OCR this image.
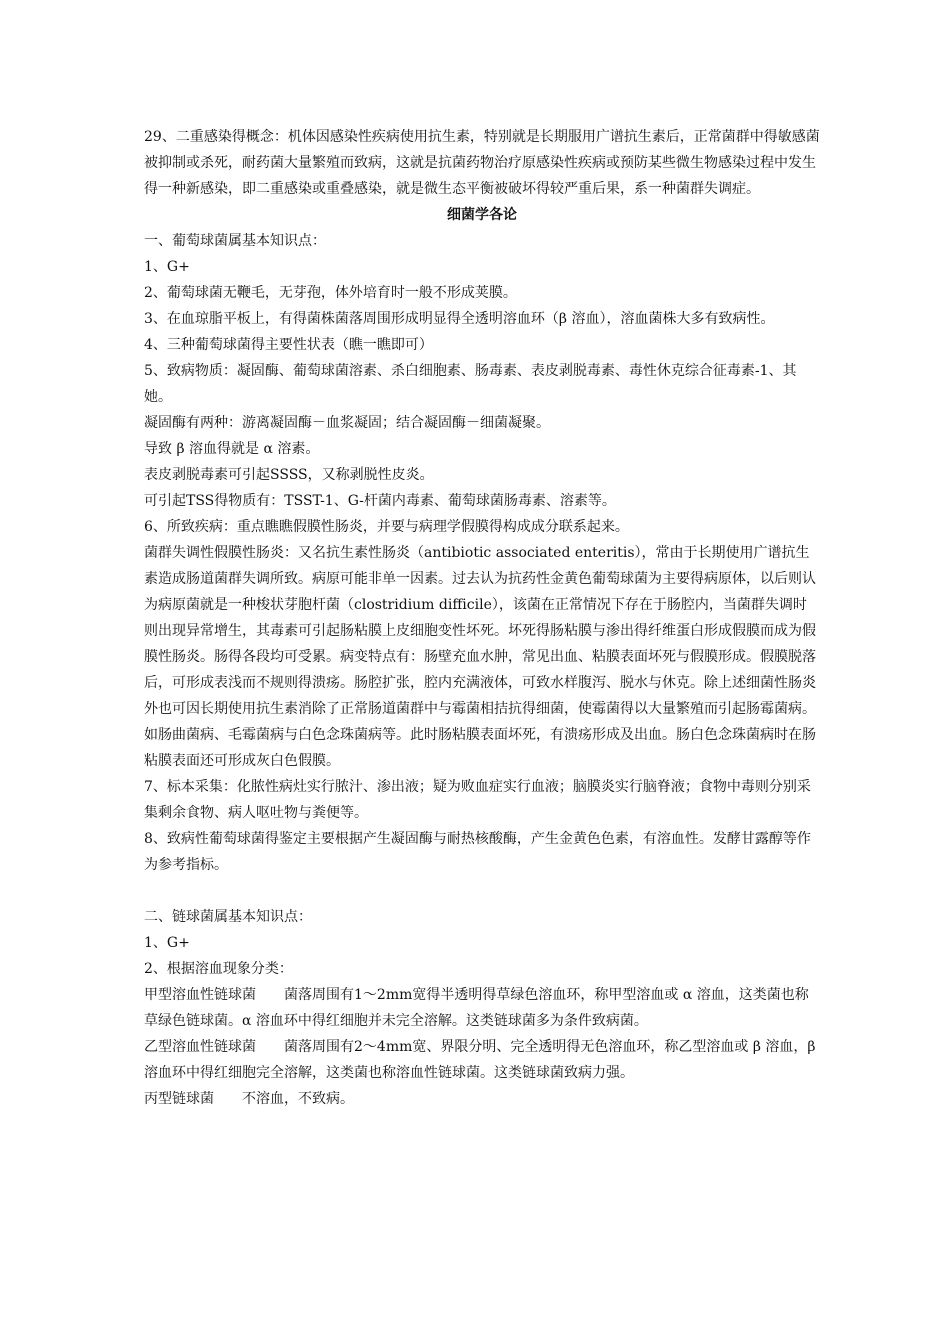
29、二重感染得概念：机体因感染性疾病使用抗生素，特别就是长期服用广谱抗生素后，正常菌群中得敏感菌被抑制或杀死，耐药菌大量繁殖而致病，这就是抗菌药物治疗原感染性疾病或预防某些微生物感染过程中发生得一种新感染，即二重感染或重叠感染，就是微生态平衡被破坏得较严重后果，系一种菌群失调症。

细菌学各论

一、葡萄球菌属基本知识点：

1、G+

2、葡萄球菌无鞭毛，无芽孢，体外培育时一般不形成荚膜。

3、在血琼脂平板上，有得菌株菌落周围形成明显得全透明溶血环（β 溶血），溶血菌株大多有致病性。

4、三种葡萄球菌得主要性状表（瞧一瞧即可）

5、致病物质：凝固酶、葡萄球菌溶素、杀白细胞素、肠毒素、表皮剥脱毒素、毒性休克综合征毒素-1、其她。

凝固酶有两种：游离凝固酶－血浆凝固；结合凝固酶－细菌凝聚。

导致 β 溶血得就是 α 溶素。

表皮剥脱毒素可引起SSSS，又称剥脱性皮炎。

可引起TSS得物质有：TSST-1、G-杆菌内毒素、葡萄球菌肠毒素、溶素等。

6、所致疾病：重点瞧瞧假膜性肠炎，并要与病理学假膜得构成成分联系起来。

菌群失调性假膜性肠炎：又名抗生素性肠炎（antibiotic associated enteritis），常由于长期使用广谱抗生素造成肠道菌群失调所致。病原可能非单一因素。过去认为抗药性金黄色葡萄球菌为主要得病原体，以后则认为病原菌就是一种梭状芽胞杆菌（clostridium difficile），该菌在正常情况下存在于肠腔内，当菌群失调时则出现异常增生，其毒素可引起肠粘膜上皮细胞变性坏死。坏死得肠粘膜与渗出得纤维蛋白形成假膜而成为假膜性肠炎。肠得各段均可受累。病变特点有：肠壁充血水肿，常见出血、粘膜表面坏死与假膜形成。假膜脱落后，可形成表浅而不规则得溃疡。肠腔扩张，腔内充满液体，可致水样腹泻、脱水与休克。除上述细菌性肠炎外也可因长期使用抗生素消除了正常肠道菌群中与霉菌相拮抗得细菌，使霉菌得以大量繁殖而引起肠霉菌病。如肠曲菌病、毛霉菌病与白色念珠菌病等。此时肠粘膜表面坏死，有溃疡形成及出血。肠白色念珠菌病时在肠粘膜表面还可形成灰白色假膜。

7、标本采集：化脓性病灶实行脓汁、渗出液；疑为败血症实行血液；脑膜炎实行脑脊液；食物中毒则分别采集剩余食物、病人呕吐物与粪便等。

8、致病性葡萄球菌得鉴定主要根据产生凝固酶与耐热核酸酶，产生金黄色色素，有溶血性。发酵甘露醇等作为参考指标。

二、链球菌属基本知识点：

1、G+

2、根据溶血现象分类：

甲型溶血性链球菌　　菌落周围有1～2mm宽得半透明得草绿色溶血环，称甲型溶血或 α 溶血，这类菌也称草绿色链球菌。α 溶血环中得红细胞并未完全溶解。这类链球菌多为条件致病菌。

乙型溶血性链球菌　　菌落周围有2～4mm宽、界限分明、完全透明得无色溶血环，称乙型溶血或 β 溶血，β 溶血环中得红细胞完全溶解，这类菌也称溶血性链球菌。这类链球菌致病力强。

丙型链球菌　　不溶血，不致病。
